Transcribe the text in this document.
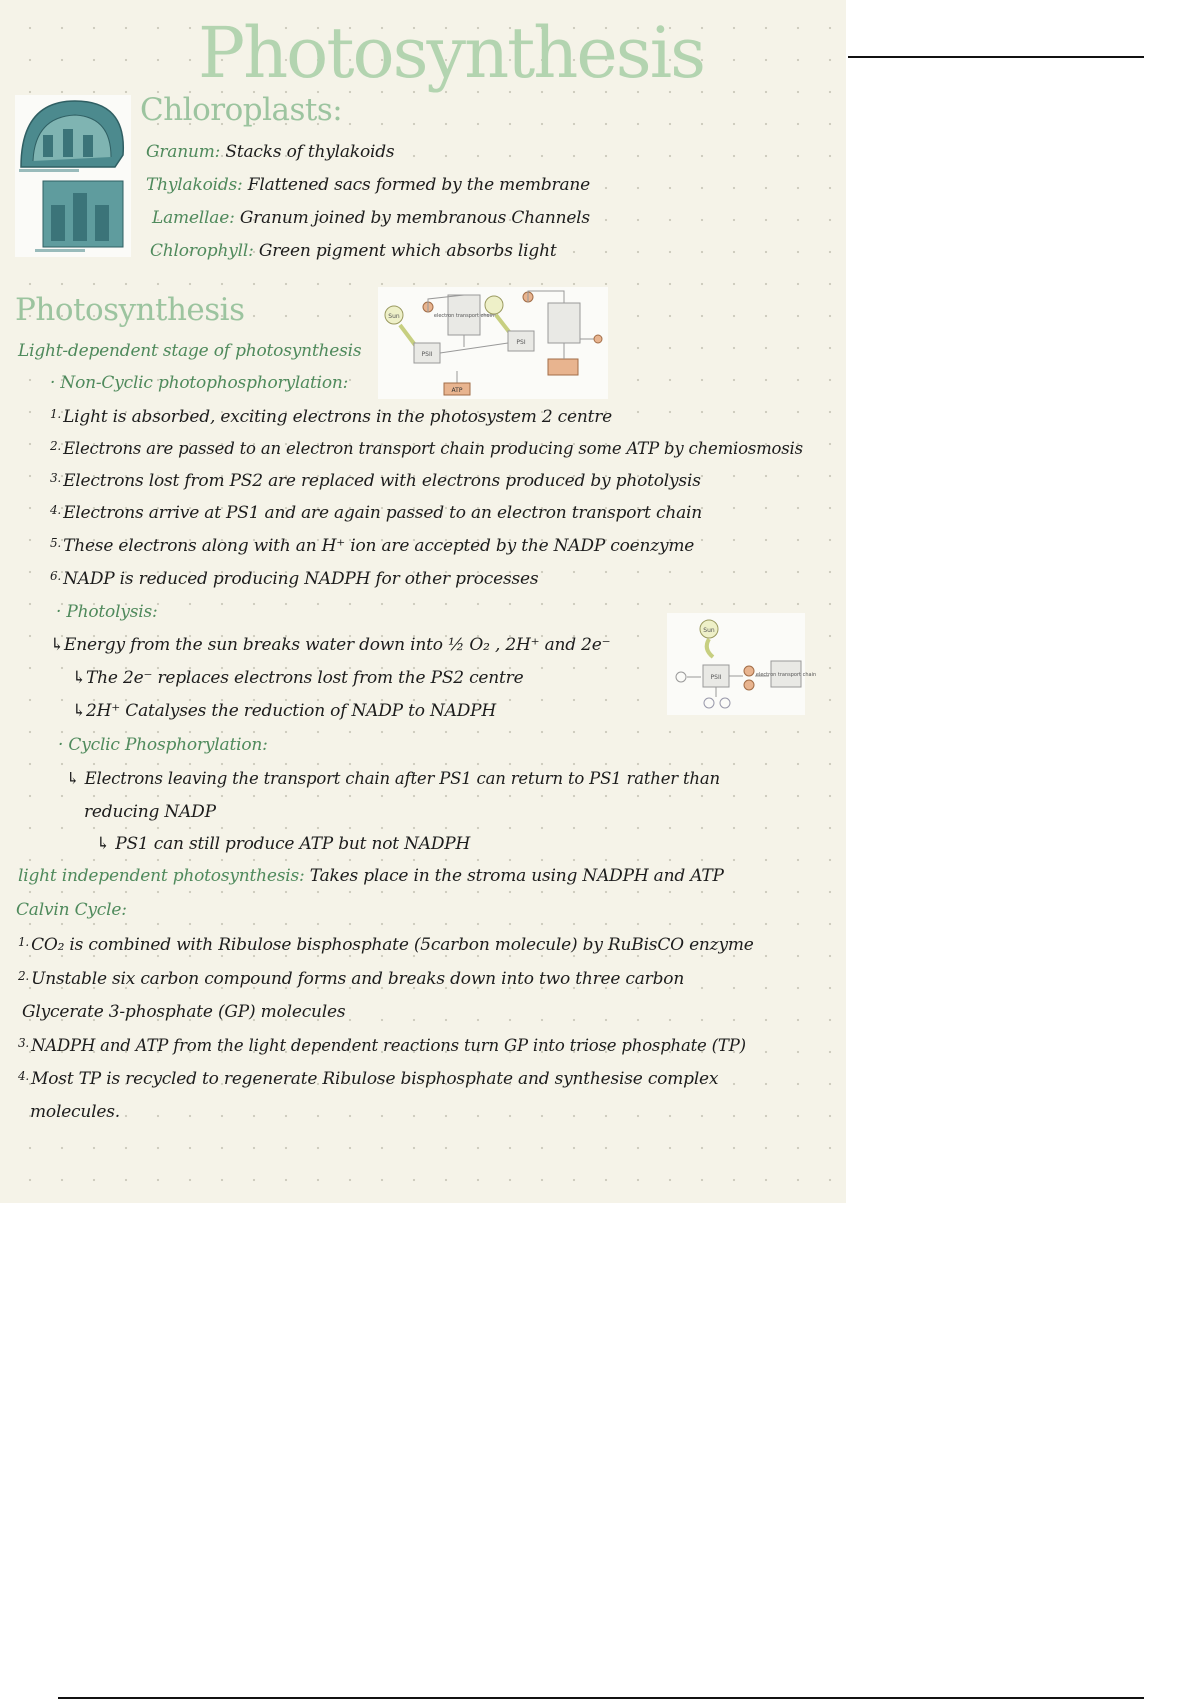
Photosynthesis
Chloroplasts:
Granum: Stacks of thylakoids
Thylakoids: Flattened sacs formed by the membrane
Lamellae: Granum joined by membranous Channels
Chlorophyll: Green pigment which absorbs light
Photosynthesis
Light-dependent stage of photosynthesis
· Non-Cyclic photophosphorylation:
Sun
PSII
electron transport chain
PSI
ATP
$^{1.}$ Light is absorbed, exciting electrons in the photosystem 2 centre
$^{2.}$ Electrons are passed to an electron transport chain producing some ATP by chemiosmosis
$^{3.}$ Electrons lost from PS2 are replaced with electrons produced by photolysis
$^{4.}$ Electrons arrive at PS1 and are again passed to an electron transport chain
$^{5.}$ These electrons along with an H⁺ ion are accepted by the NADP coenzyme
$^{6.}$ NADP is reduced producing NADPH for other processes
· Photolysis:
↳Energy from the sun breaks water down into ½ O₂ , 2H⁺ and 2e⁻
↳The 2e⁻ replaces electrons lost from the PS2 centre
↳2H⁺ Catalyses the reduction of NADP to NADPH
Sun
PSII	electron transport chain
· Cyclic Phosphorylation:
↳ Electrons leaving the transport chain after PS1 can return to PS1 rather than
reducing NADP
↳ PS1 can still produce ATP but not NADPH
light independent photosynthesis: Takes place in the stroma using NADPH and ATP
Calvin Cycle:
$^{1.}$ CO₂ is combined with Ribulose bisphosphate (5carbon molecule) by RuBisCO enzyme
$^{2.}$ Unstable six carbon compound forms and breaks down into two three carbon
Glycerate 3-phosphate (GP) molecules
$^{3.}$ NADPH and ATP from the light dependent reactions turn GP into triose phosphate (TP)
$^{4.}$ Most TP is recycled to regenerate Ribulose bisphosphate and synthesise complex
molecules.
